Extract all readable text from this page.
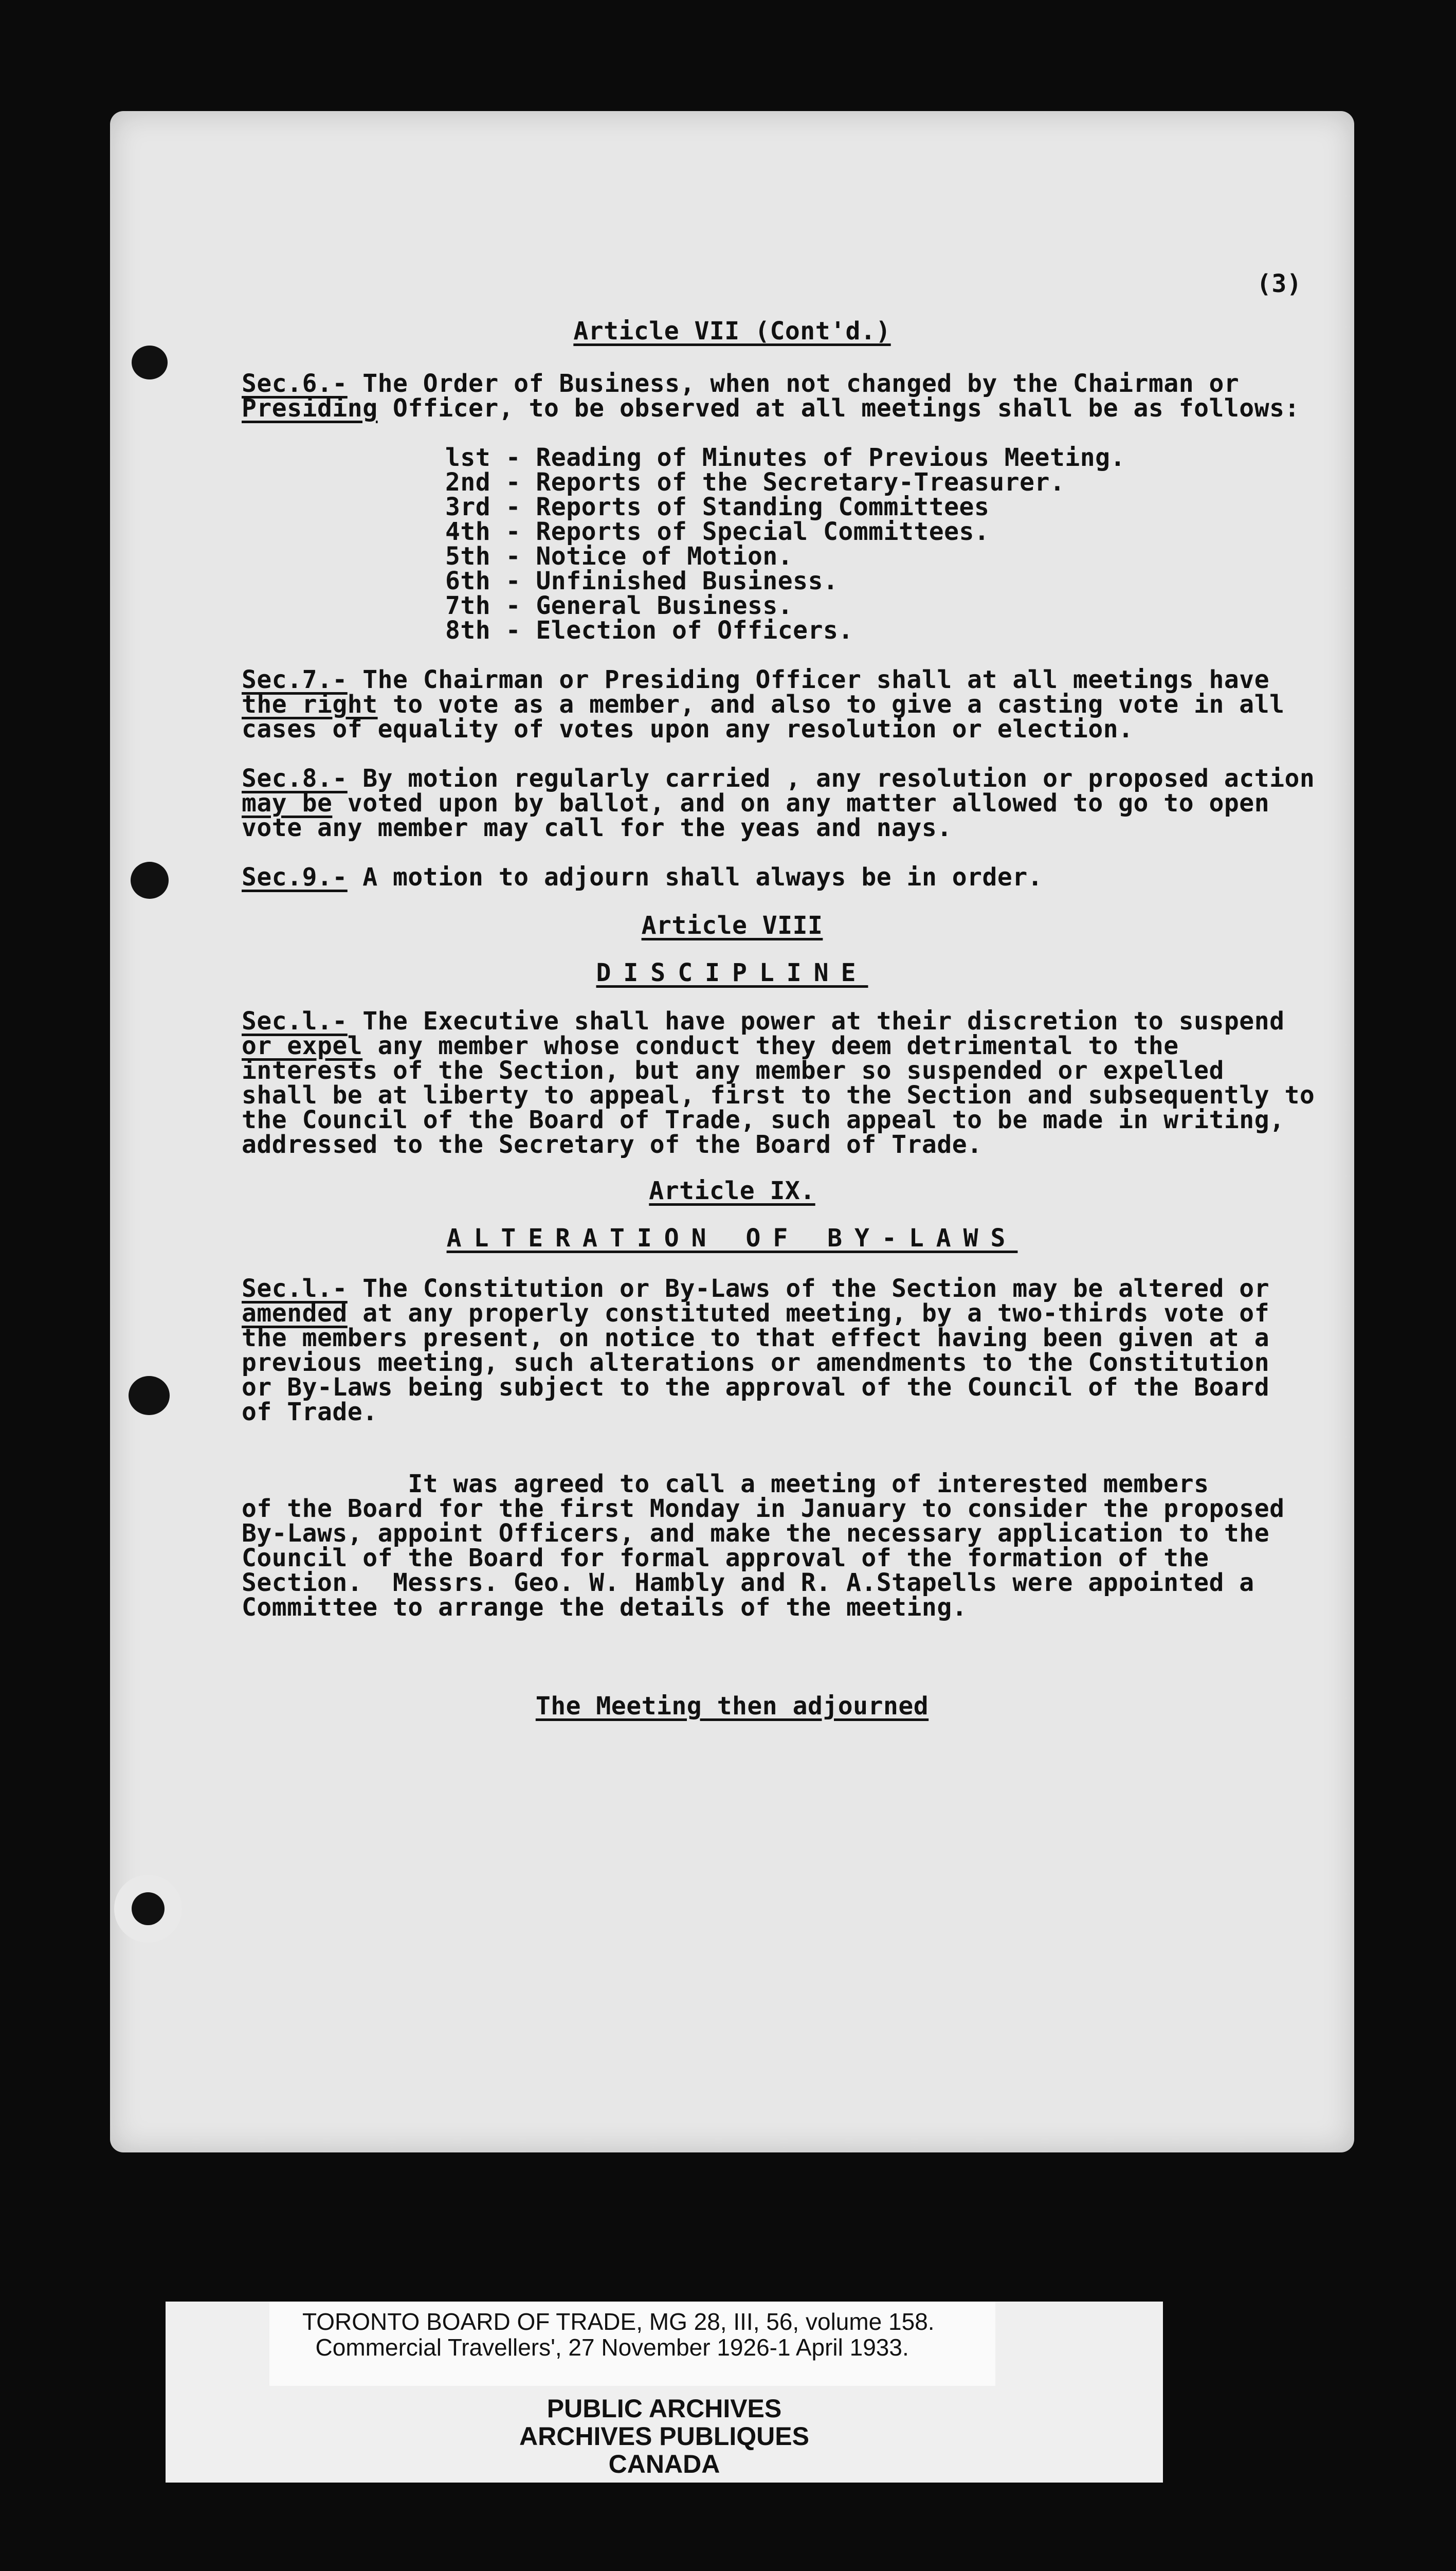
(3)
Article VII (Cont'd.)
Sec.6.- The Order of Business, when not changed by the Chairman or
Presiding Officer, to be observed at all meetings shall be as follows:
lst - Reading of Minutes of Previous Meeting.
2nd - Reports of the Secretary-Treasurer.
3rd - Reports of Standing Committees
4th - Reports of Special Committees.
5th - Notice of Motion.
6th - Unfinished Business.
7th - General Business.
8th - Election of Officers.
Sec.7.- The Chairman or Presiding Officer shall at all meetings have
the right to vote as a member, and also to give a casting vote in all
cases of equality of votes upon any resolution or election.
Sec.8.- By motion regularly carried , any resolution or proposed action
may be voted upon by ballot, and on any matter allowed to go to open
vote any member may call for the yeas and nays.
Sec.9.- A motion to adjourn shall always be in order.
Article VIII
DISCIPLINE
Sec.l.- The Executive shall have power at their discretion to suspend
or expel any member whose conduct they deem detrimental to the
interests of the Section, but any member so suspended or expelled
shall be at liberty to appeal, first to the Section and subsequently to
the Council of the Board of Trade, such appeal to be made in writing,
addressed to the Secretary of the Board of Trade.
Article IX.
ALTERATION OF BY-LAWS
Sec.l.- The Constitution or By-Laws of the Section may be altered or
amended at any properly constituted meeting, by a two-thirds vote of
the members present, on notice to that effect having been given at a
previous meeting, such alterations or amendments to the Constitution
or By-Laws being subject to the approval of the Council of the Board
of Trade.
It was agreed to call a meeting of interested members
of the Board for the first Monday in January to consider the proposed
By-Laws, appoint Officers, and make the necessary application to the
Council of the Board for formal approval of the formation of the
Section.  Messrs. Geo. W. Hambly and R. A.Stapells were appointed a
Committee to arrange the details of the meeting.
The Meeting then adjourned
TORONTO BOARD OF TRADE, MG 28, III, 56, volume 158.
Commercial Travellers', 27 November 1926-1 April 1933.
PUBLIC ARCHIVES
ARCHIVES PUBLIQUES
CANADA
